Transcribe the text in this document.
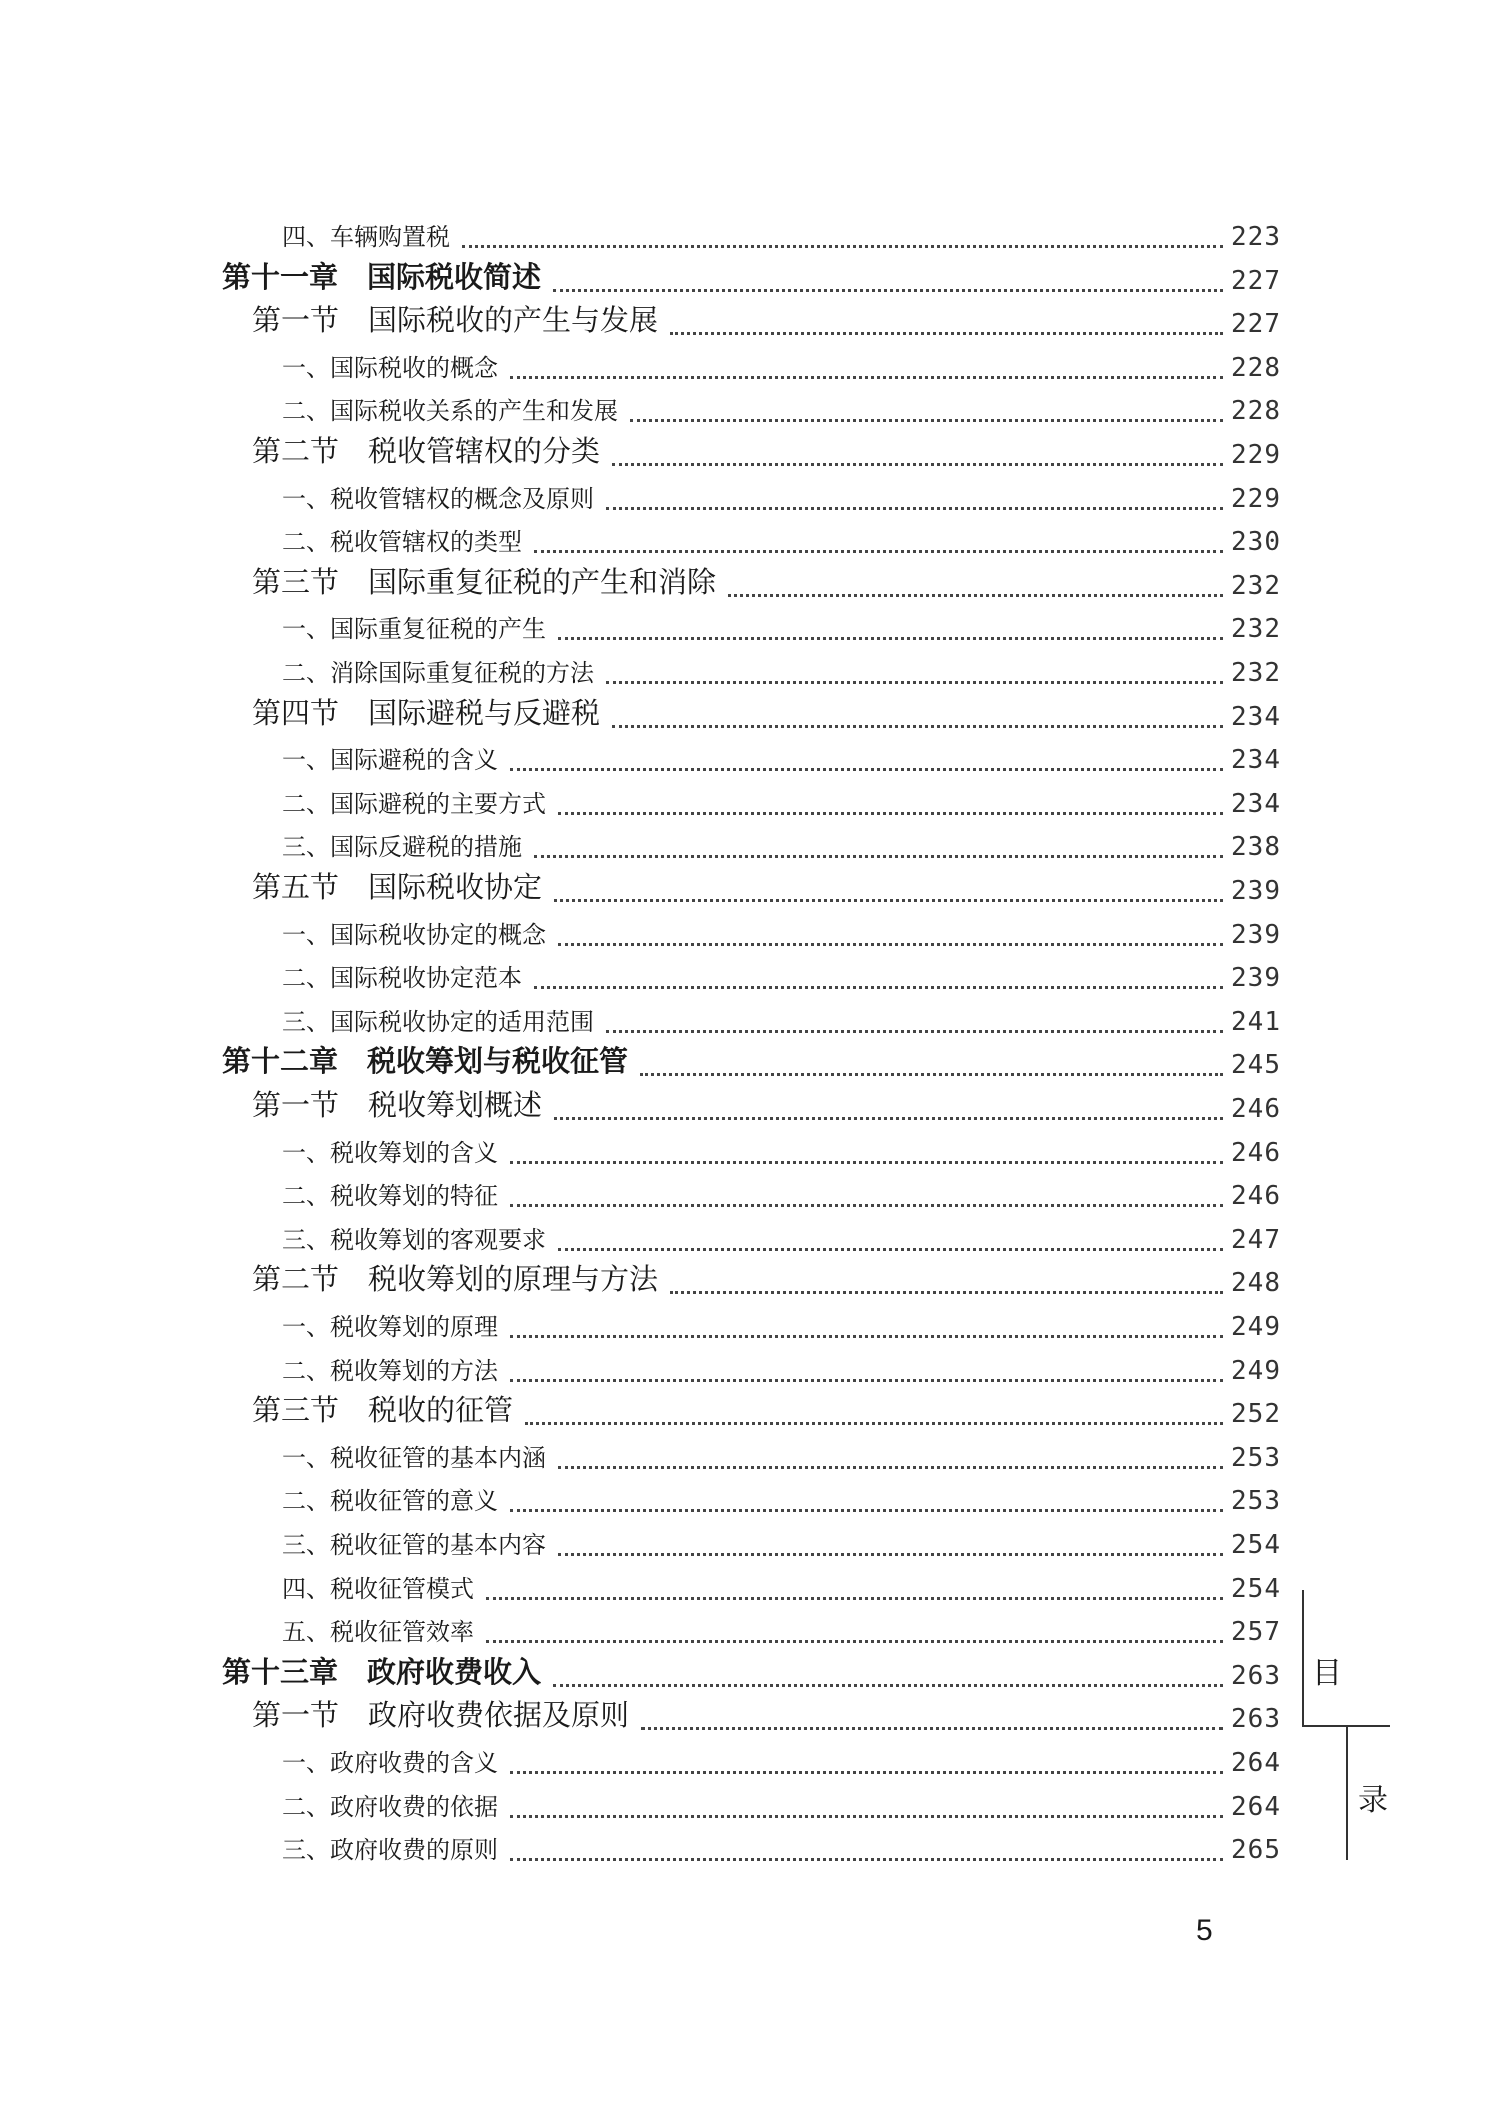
四、车辆购置税	223
第十一章　国际税收简述	227
第一节　国际税收的产生与发展	227
一、国际税收的概念	228
二、国际税收关系的产生和发展	228
第二节　税收管辖权的分类	229
一、税收管辖权的概念及原则	229
二、税收管辖权的类型	230
第三节　国际重复征税的产生和消除	232
一、国际重复征税的产生	232
二、消除国际重复征税的方法	232
第四节　国际避税与反避税	234
一、国际避税的含义	234
二、国际避税的主要方式	234
三、国际反避税的措施	238
第五节　国际税收协定	239
一、国际税收协定的概念	239
二、国际税收协定范本	239
三、国际税收协定的适用范围	241
第十二章　税收筹划与税收征管	245
第一节　税收筹划概述	246
一、税收筹划的含义	246
二、税收筹划的特征	246
三、税收筹划的客观要求	247
第二节　税收筹划的原理与方法	248
一、税收筹划的原理	249
二、税收筹划的方法	249
第三节　税收的征管	252
一、税收征管的基本内涵	253
二、税收征管的意义	253
三、税收征管的基本内容	254
四、税收征管模式	254
五、税收征管效率	257
第十三章　政府收费收入	263
第一节　政府收费依据及原则	263
一、政府收费的含义	264
二、政府收费的依据	264
三、政府收费的原则	265
目
录
5
